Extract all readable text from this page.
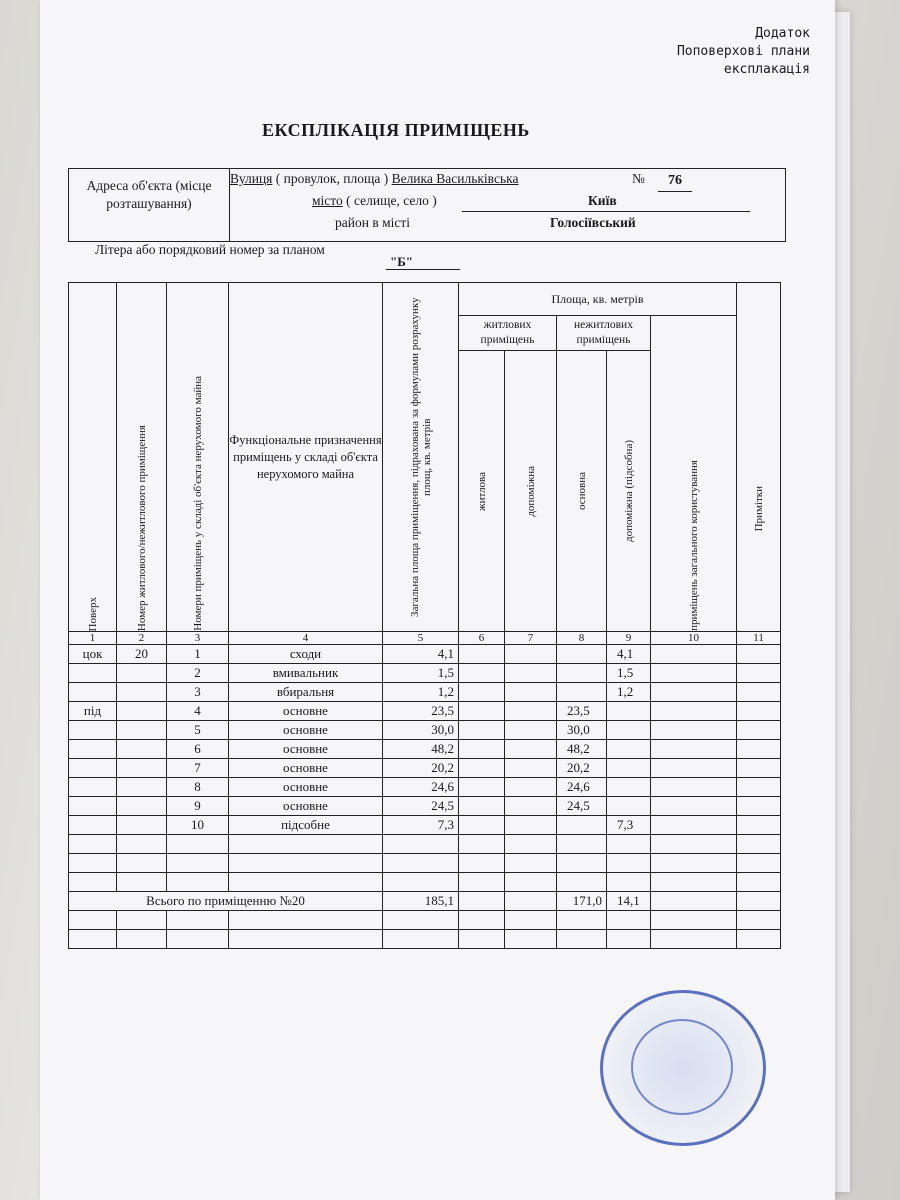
Додаток
Поповерхові плани
експлакація
ЕКСПЛІКАЦІЯ ПРИМІЩЕНЬ
Адреса об'єкта (місце розташування)	
Вулиця ( провулок, площа ) Велика Васильківська	№ 76
місто ( селище, село )	Київ
район в місті	Голосіївський
Літера або порядковий номер за планом
"Б"
Поверх	Номер житлового/нежитлового приміщення	Номери приміщень у складі об'єкта нерухомого майна	Функціональне призначення приміщень у складі об'єкта нерухомого майна	Загальна площа приміщення, підрахована за формулами розрахунку площ, кв. метрів	Площа, кв. метрів					Примітки

					житлових приміщень		нежитлових приміщень		приміщень загального користування	

					житлова	допоміжна	основна	допоміжна (підсобна)		

1	2	3	4	5	6	7	8	9	10	11
цок	20	1	сходи	4,1				4,1		
		2	вмивальник	1,5				1,5		
		3	вбиральня	1,2				1,2		
під		4	основне	23,5			23,5			
		5	основне	30,0			30,0			
		6	основне	48,2			48,2			
		7	основне	20,2			20,2			
		8	основне	24,6			24,6			
		9	основне	24,5			24,5			
		10	підсобне	7,3				7,3		

Всього по приміщенню №20				185,1			171,0	14,1		
